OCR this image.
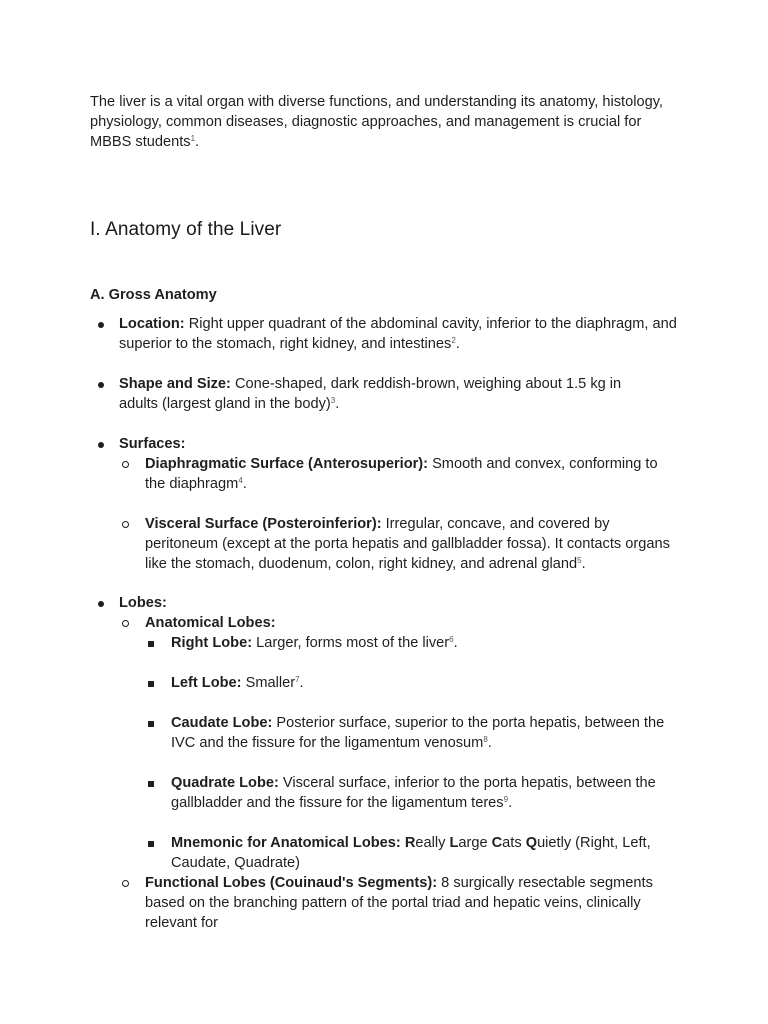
The liver is a vital organ with diverse functions, and understanding its anatomy, histology, physiology, common diseases, diagnostic approaches, and management is crucial for MBBS students$^1$.

I. Anatomy of the Liver
A. Gross Anatomy

Location: Right upper quadrant of the abdominal cavity, inferior to the diaphragm, and superior to the stomach, right kidney, and intestines$^2$.

Shape and Size: Cone-shaped, dark reddish-brown, weighing about 1.5 kg in adults (largest gland in the body)$^3$.

Surfaces:

Diaphragmatic Surface (Anterosuperior): Smooth and convex, conforming to the diaphragm$^4$.

Visceral Surface (Posteroinferior): Irregular, concave, and covered by peritoneum (except at the porta hepatis and gallbladder fossa). It contacts organs like the stomach, duodenum, colon, right kidney, and adrenal gland$^5$.

Lobes:

Anatomical Lobes:

Right Lobe: Larger, forms most of the liver$^6$.

Left Lobe: Smaller$^7$.

Caudate Lobe: Posterior surface, superior to the porta hepatis, between the IVC and the fissure for the ligamentum venosum$^8$.

Quadrate Lobe: Visceral surface, inferior to the porta hepatis, between the gallbladder and the fissure for the ligamentum teres$^9$.

Mnemonic for Anatomical Lobes: Really Large Cats Quietly (Right, Left, Caudate, Quadrate)

Functional Lobes (Couinaud's Segments): 8 surgically resectable segments based on the branching pattern of the portal triad and hepatic veins, clinically relevant for
